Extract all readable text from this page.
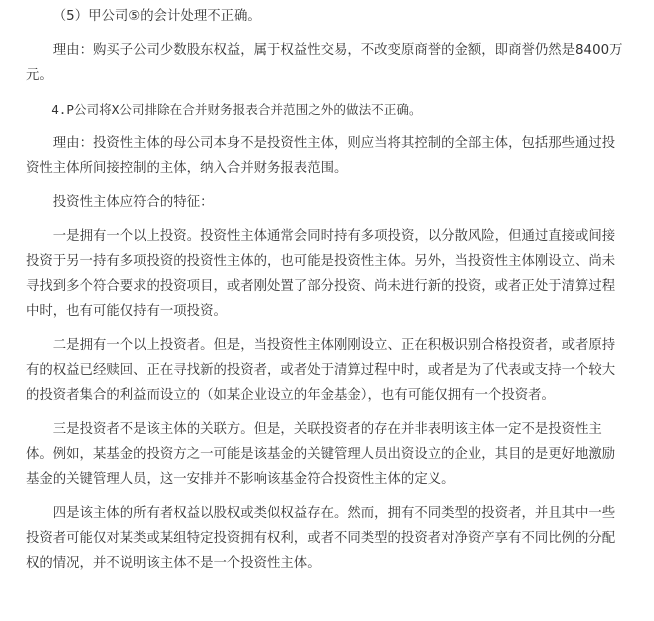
（5）甲公司⑤的会计处理不正确。

理由：购买子公司少数股东权益，属于权益性交易，不改变原商誉的金额，即商誉仍然是8400万元。

4.P公司将X公司排除在合并财务报表合并范围之外的做法不正确。

理由：投资性主体的母公司本身不是投资性主体，则应当将其控制的全部主体，包括那些通过投资性主体所间接控制的主体，纳入合并财务报表范围。

投资性主体应符合的特征：

一是拥有一个以上投资。投资性主体通常会同时持有多项投资，以分散风险，但通过直接或间接投资于另一持有多项投资的投资性主体的，也可能是投资性主体。另外，当投资性主体刚设立、尚未寻找到多个符合要求的投资项目，或者刚处置了部分投资、尚未进行新的投资，或者正处于清算过程中时，也有可能仅持有一项投资。

二是拥有一个以上投资者。但是，当投资性主体刚刚设立、正在积极识别合格投资者，或者原持有的权益已经赎回、正在寻找新的投资者，或者处于清算过程中时，或者是为了代表或支持一个较大的投资者集合的利益而设立的（如某企业设立的年金基金），也有可能仅拥有一个投资者。

三是投资者不是该主体的关联方。但是，关联投资者的存在并非表明该主体一定不是投资性主体。例如，某基金的投资方之一可能是该基金的关键管理人员出资设立的企业，其目的是更好地激励基金的关键管理人员，这一安排并不影响该基金符合投资性主体的定义。

四是该主体的所有者权益以股权或类似权益存在。然而，拥有不同类型的投资者，并且其中一些投资者可能仅对某类或某组特定投资拥有权利，或者不同类型的投资者对净资产享有不同比例的分配权的情况，并不说明该主体不是一个投资性主体。
